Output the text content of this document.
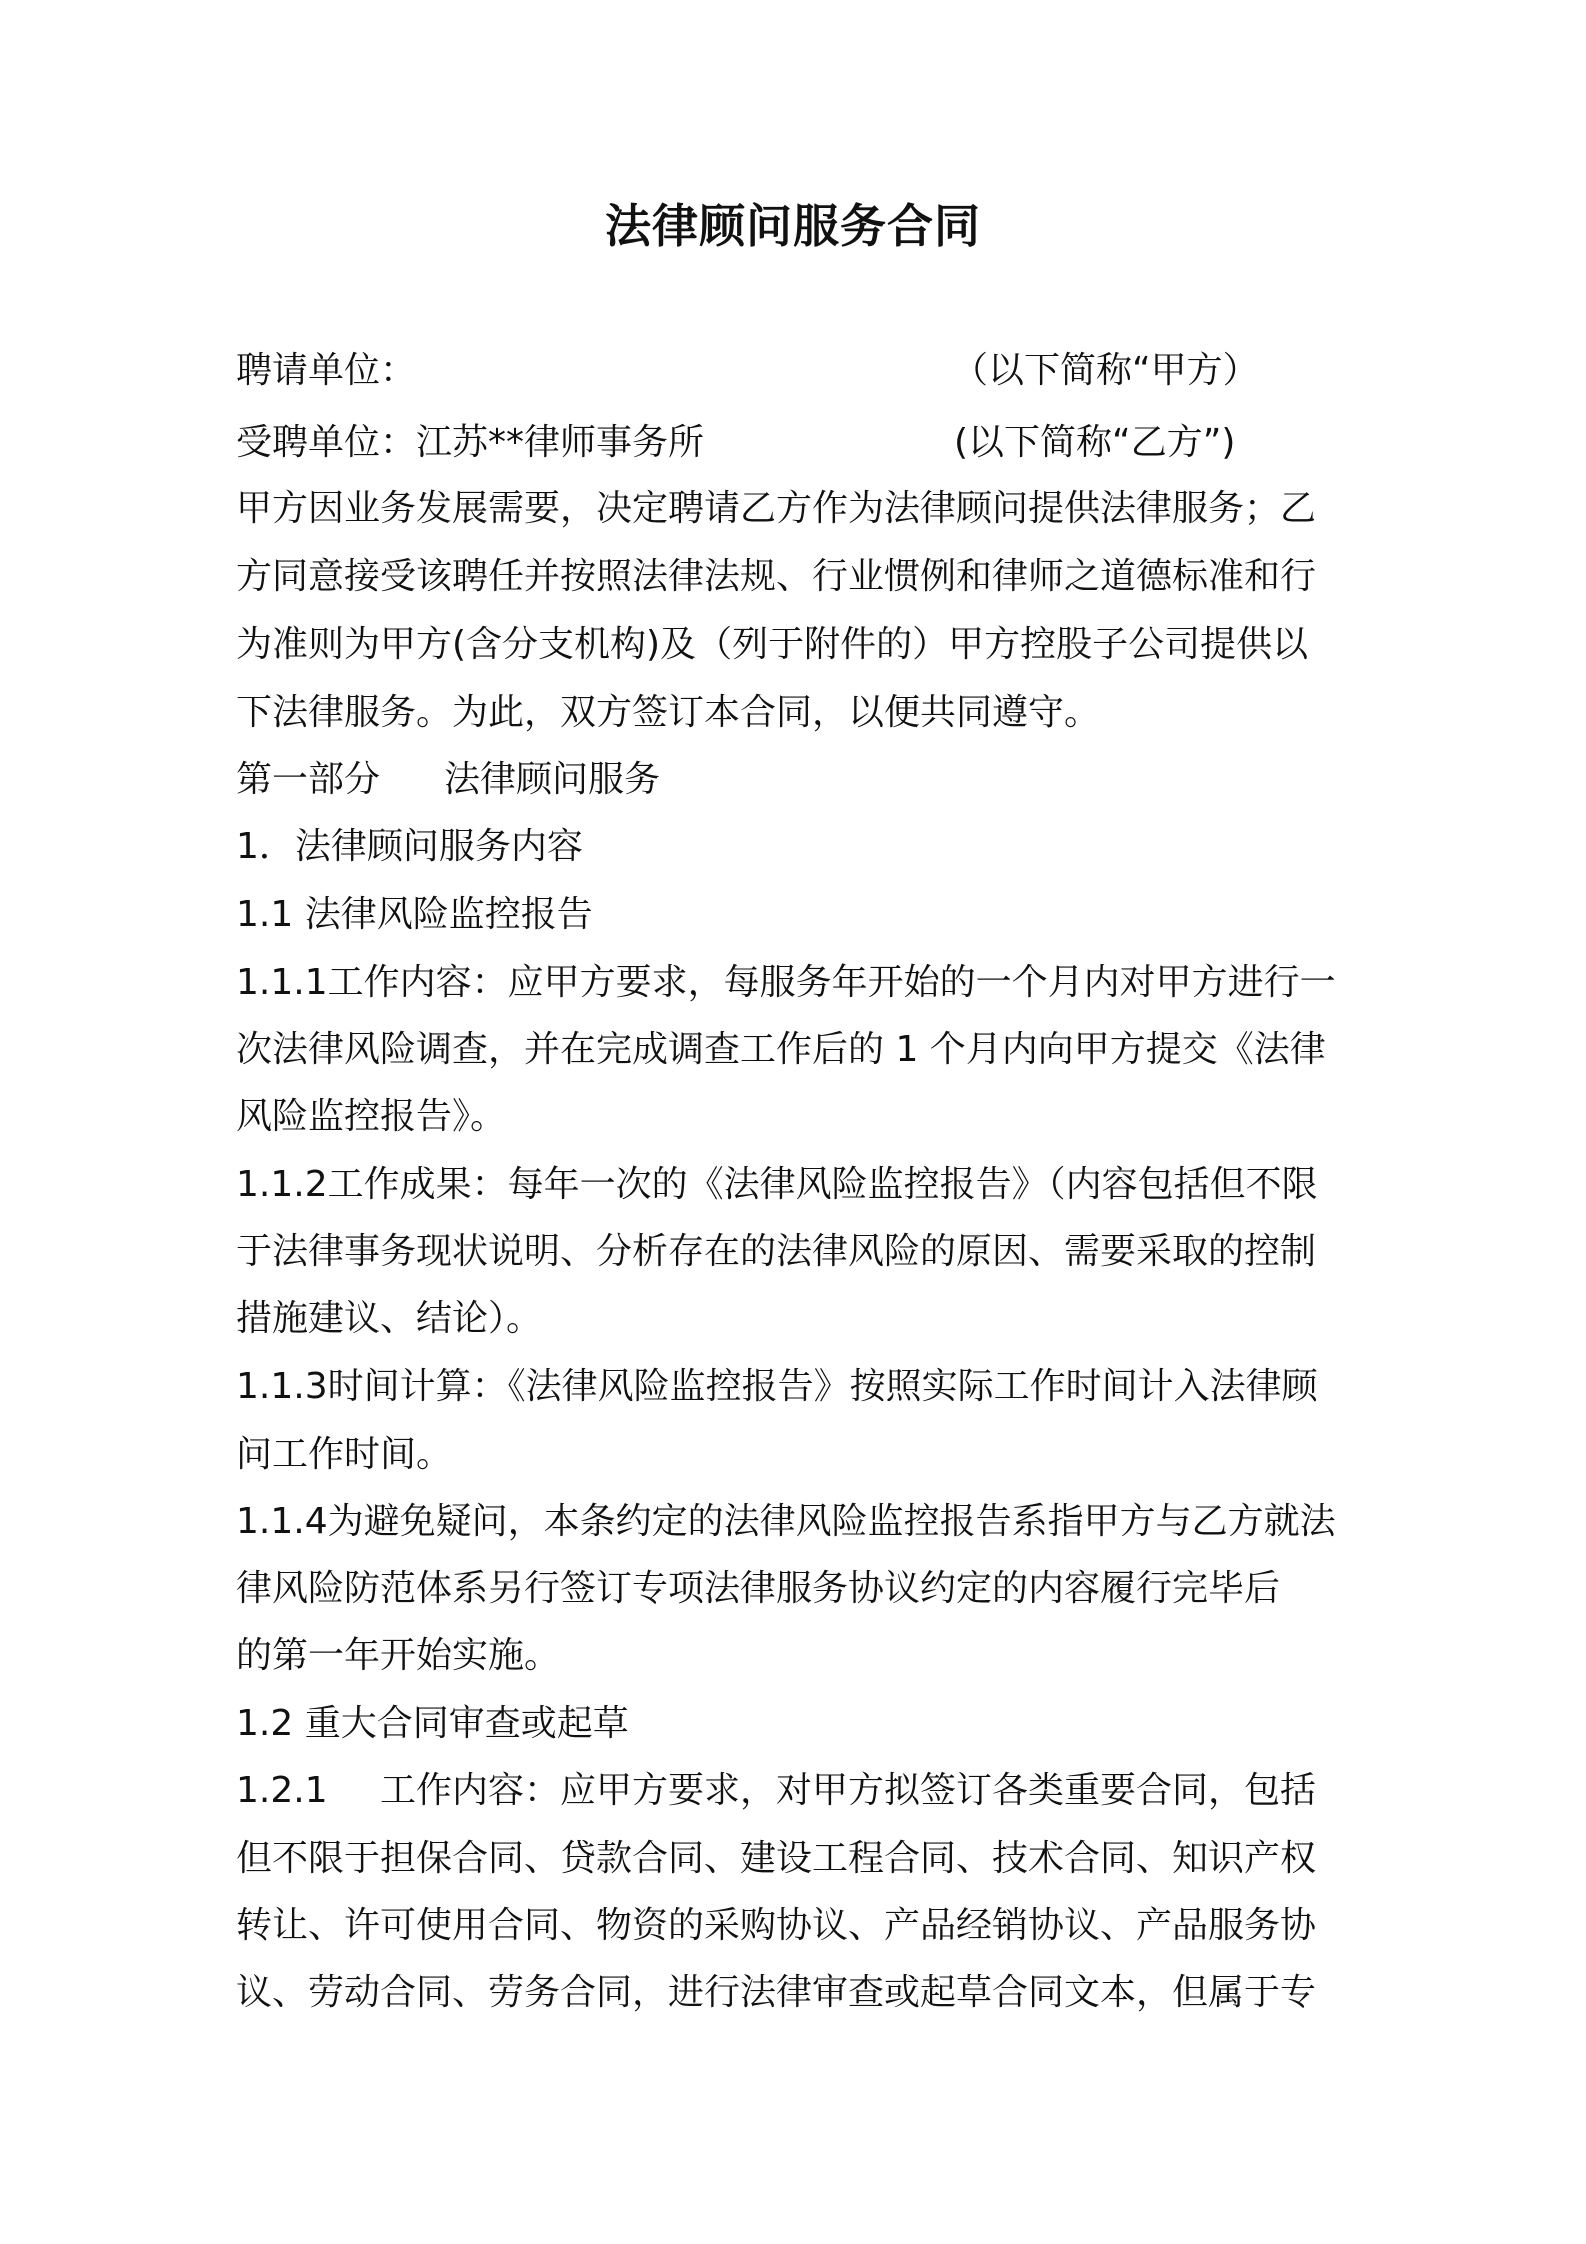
法律顾问服务合同
聘请单位：	（以下简称“甲方）
受聘单位：江苏**律师事务所	(以下简称“乙方”)
甲方因业务发展需要，决定聘请乙方作为法律顾问提供法律服务；乙
方同意接受该聘任并按照法律法规、行业惯例和律师之道德标准和行
为准则为甲方(含分支机构)及（列于附件的）甲方控股子公司提供以
下法律服务。为此，双方签订本合同，以便共同遵守。
第一部分 法律顾问服务
1．法律顾问服务内容
1.1 法律风险监控报告
1.1.1工作内容：应甲方要求，每服务年开始的一个月内对甲方进行一
次法律风险调查，并在完成调查工作后的 1 个月内向甲方提交《法律
风险监控报告》。
1.1.2工作成果：每年一次的《法律风险监控报告》（内容包括但不限
于法律事务现状说明、分析存在的法律风险的原因、需要采取的控制
措施建议、结论）。
1.1.3时间计算：《法律风险监控报告》按照实际工作时间计入法律顾
问工作时间。
1.1.4为避免疑问，本条约定的法律风险监控报告系指甲方与乙方就法
律风险防范体系另行签订专项法律服务协议约定的内容履行完毕后
的第一年开始实施。
1.2 重大合同审查或起草
1.2.1 工作内容：应甲方要求，对甲方拟签订各类重要合同，包括
但不限于担保合同、贷款合同、建设工程合同、技术合同、知识产权
转让、许可使用合同、物资的采购协议、产品经销协议、产品服务协
议、劳动合同、劳务合同，进行法律审查或起草合同文本，但属于专
